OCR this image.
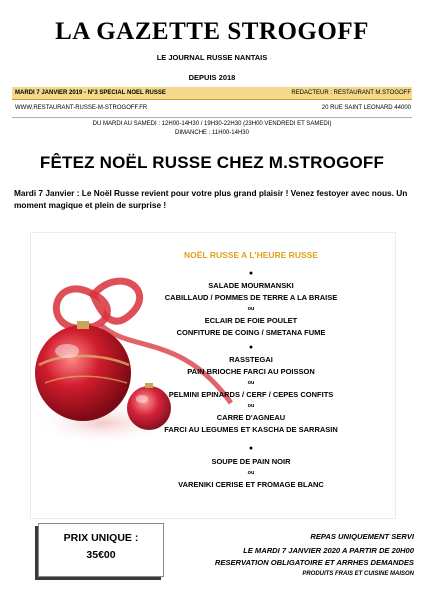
LA GAZETTE STROGOFF
LE JOURNAL RUSSE NANTAIS
DEPUIS 2018
MARDI 7 JANVIER 2019 - N°3 SPECIAL NOEL RUSSE	REDACTEUR : RESTAURANT M.STOGOFF
WWW.RESTAURANT-RUSSE-M-STROGOFF.FR	20 RUE SAINT LEONARD 44000
DU MARDI AU SAMEDI : 12H00-14H30 / 19H30-22H30 (23H00 VENDREDI ET SAMEDI)
DIMANCHE : 11H00-14H30
FÊTEZ NOËL RUSSE CHEZ M.STROGOFF
Mardi 7 Janvier : Le Noël Russe revient pour votre plus grand plaisir ! Venez festoyer avec nous. Un moment magique et plein de surprise !
NOËL RUSSE A L'HEURE RUSSE
●
SALADE MOURMANSKI
CABILLAUD / POMMES DE TERRE A LA BRAISE
ou
ECLAIR DE FOIE POULET
CONFITURE DE COING / SMETANA FUME
●
RASSTEGAI
PAIN BRIOCHE FARCI AU POISSON
ou
PELMINI EPINARDS / CERF / CEPES CONFITS
ou
CARRE D'AGNEAU
FARCI AU LEGUMES ET KASCHA DE SARRASIN
●
SOUPE DE PAIN NOIR
ou
VARENIKI CERISE ET FROMAGE BLANC
PRIX UNIQUE :
35€00
REPAS UNIQUEMENT SERVI
LE MARDI 7 JANVIER 2020 A PARTIR DE 20H00
RESERVATION OBLIGATOIRE ET ARRHES DEMANDES
PRODUITS FRAIS ET CUISINE MAISON
